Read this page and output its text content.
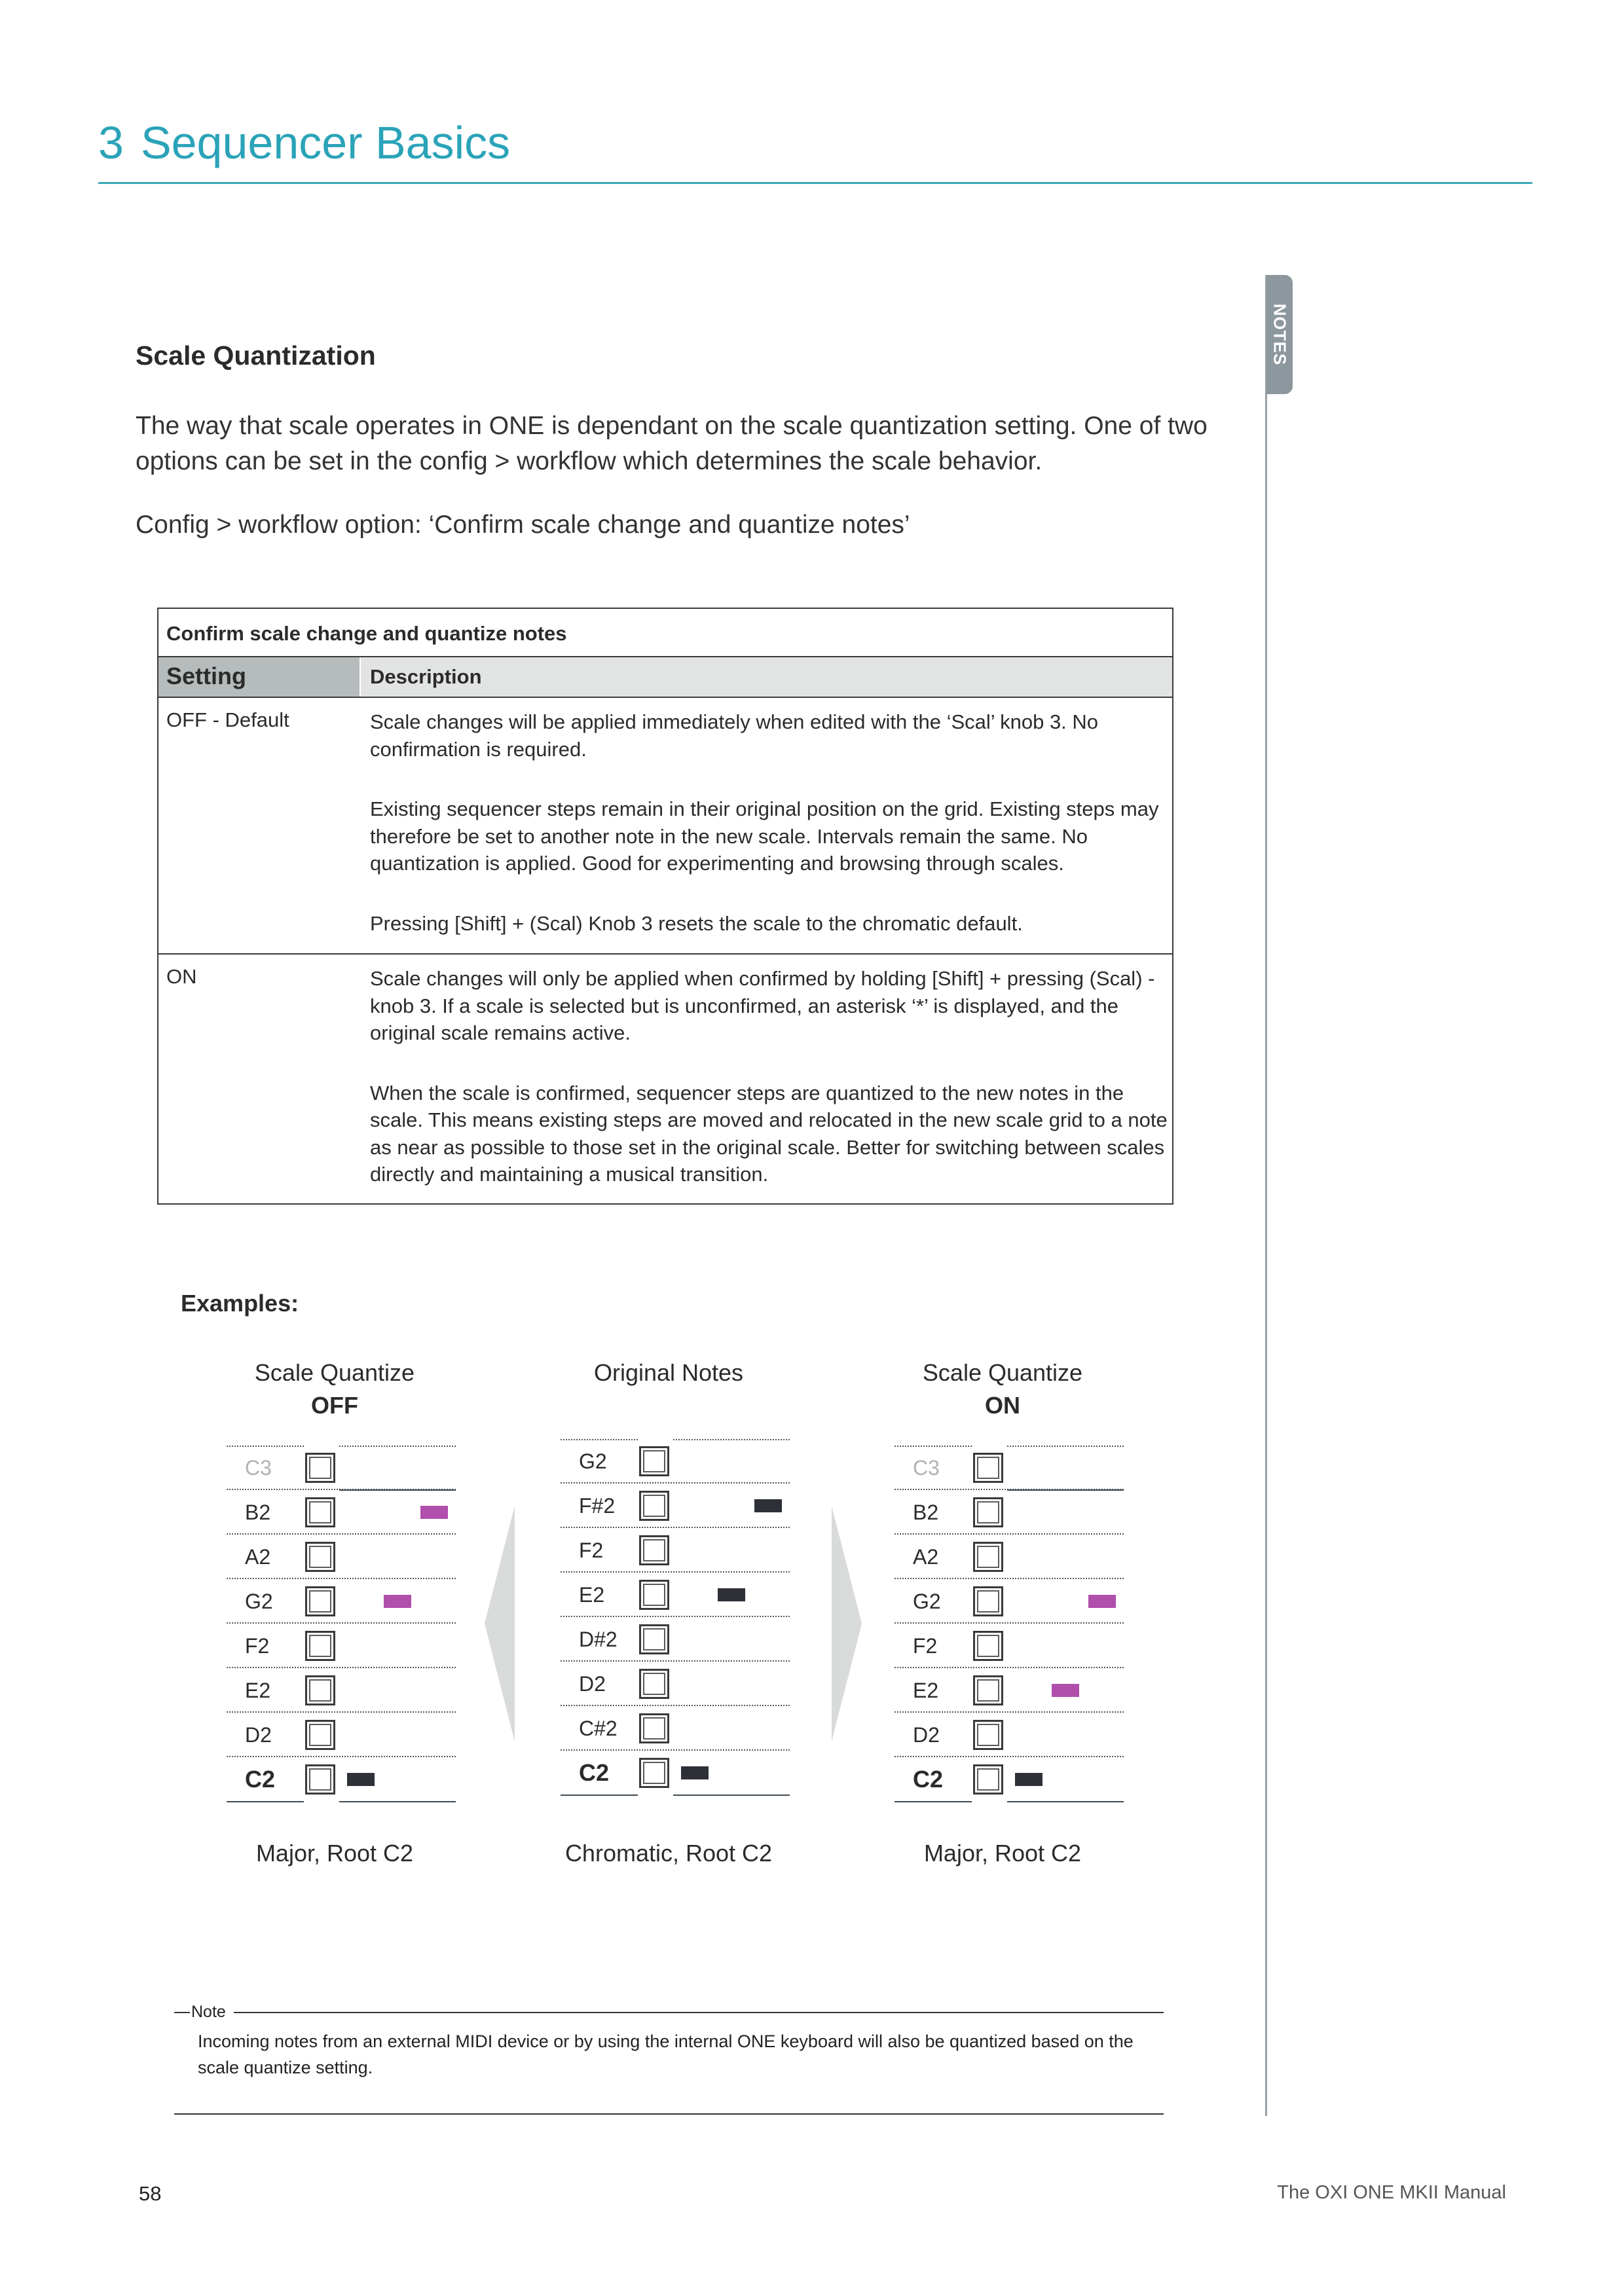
3 Sequencer Basics
NOTES
Scale Quantization
The way that scale operates in ONE is dependant on the scale quantization setting. One of two options can be set in the config > workflow which determines the scale behavior.
Config > workflow option: ‘Confirm scale change and quantize notes’
Confirm scale change and quantize notes
Setting	Description
OFF - Default	Scale changes will be applied immediately when edited with the ‘Scal’ knob 3. No confirmation is required.

Existing sequencer steps remain in their original position on the grid. Existing steps may therefore be set to another note in the new scale. Intervals remain the same. No quantization is applied. Good for experimenting and browsing through scales.

Pressing [Shift] + (Scal) Knob 3 resets the scale to the chromatic default.

ON	Scale changes will only be applied when confirmed by holding [Shift] + pressing (Scal) - knob 3. If a scale is selected but is unconfirmed, an asterisk ‘*’ is displayed, and the original scale remains active.

When the scale is confirmed, sequencer steps are quantized to the new notes in the scale. This means existing steps are moved and relocated in the new scale grid to a note as near as possible to those set in the original scale. Better for switching between scales directly and maintaining a musical transition.

Examples:
Scale Quantize
OFF
Original Notes	Scale Quantize
ON
C3
B2
A2
G2
F2
E2
D2
C2
G2
F#2
F2
E2
D#2
D2
C#2
C2
C3
B2
A2
G2
F2
E2
D2
C2
Major, Root C2	Chromatic, Root C2	Major, Root C2
Note
Incoming notes from an external MIDI device or by using the internal ONE keyboard will also be quantized based on the scale quantize setting.
58	The OXI ONE MKII Manual
